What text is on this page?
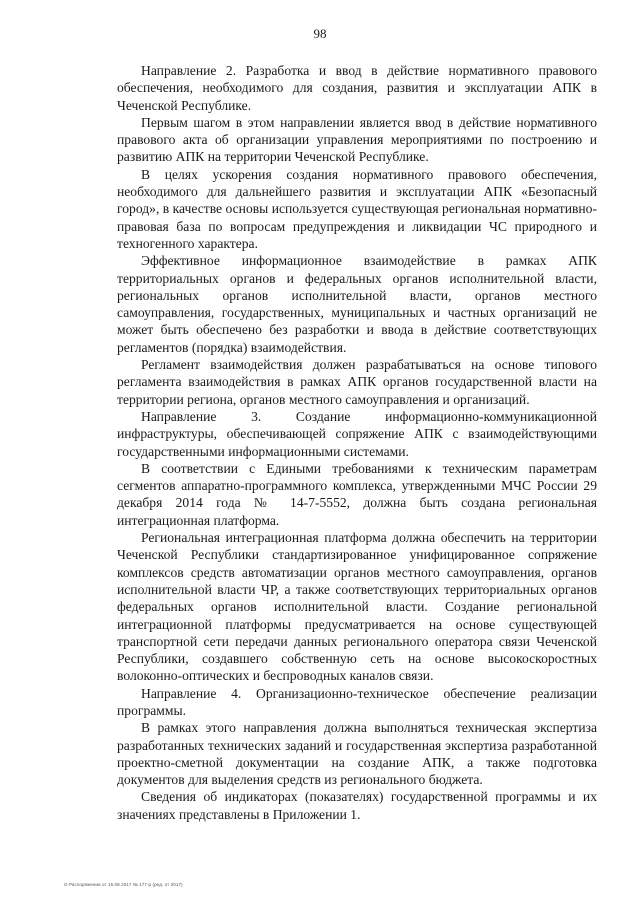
98

Направление 2. Разработка и ввод в действие нормативного правового обеспечения, необходимого для создания, развития и эксплуатации АПК в Чеченской Республике.

Первым шагом в этом направлении является ввод в действие нормативного правового акта об организации управления мероприятиями по построению и развитию АПК на территории Чеченской Республике.

В целях ускорения создания нормативного правового обеспечения, необходимого для дальнейшего развития и эксплуатации АПК «Безопасный город», в качестве основы используется существующая региональная нормативно-правовая база по вопросам предупреждения и ликвидации ЧС природного и техногенного характера.

Эффективное информационное взаимодействие в рамках АПК территориальных органов и федеральных органов исполнительной власти, региональных органов исполнительной власти, органов местного самоуправления, государственных, муниципальных и частных организаций не может быть обеспечено без разработки и ввода в действие соответствующих регламентов (порядка) взаимодействия.

Регламент взаимодействия должен разрабатываться на основе типового регламента взаимодействия в рамках АПК органов государственной власти на территории региона, органов местного самоуправления и организаций.

Направление 3. Создание информационно-коммуникационной инфраструктуры, обеспечивающей сопряжение АПК с взаимодействующими государственными информационными системами.

В соответствии с Едиными требованиями к техническим параметрам сегментов аппаратно-программного комплекса, утвержденными МЧС России 29 декабря 2014 года № 14-7-5552, должна быть создана региональная интеграционная платформа.

Региональная интеграционная платформа должна обеспечить на территории Чеченской Республики стандартизированное унифицированное сопряжение комплексов средств автоматизации органов местного самоуправления, органов исполнительной власти ЧР, а также соответствующих территориальных органов федеральных органов исполнительной власти. Создание региональной интеграционной платформы предусматривается на основе существующей транспортной сети передачи данных регионального оператора связи Чеченской Республики, создавшего собственную сеть на основе высокоскоростных волоконно-оптических и беспроводных каналов связи.

Направление 4. Организационно-техническое обеспечение реализации программы.

В рамках этого направления должна выполняться техническая экспертиза разработанных технических заданий и государственная экспертиза разработанной проектно-сметной документации на создание АПК, а также подготовка документов для выделения средств из регионального бюджета.

Сведения об индикаторах (показателях) государственной программы и их значениях представлены в Приложении 1.

О Распоряжении от 15.08.2017 № 177-р (ред. от 2017)
